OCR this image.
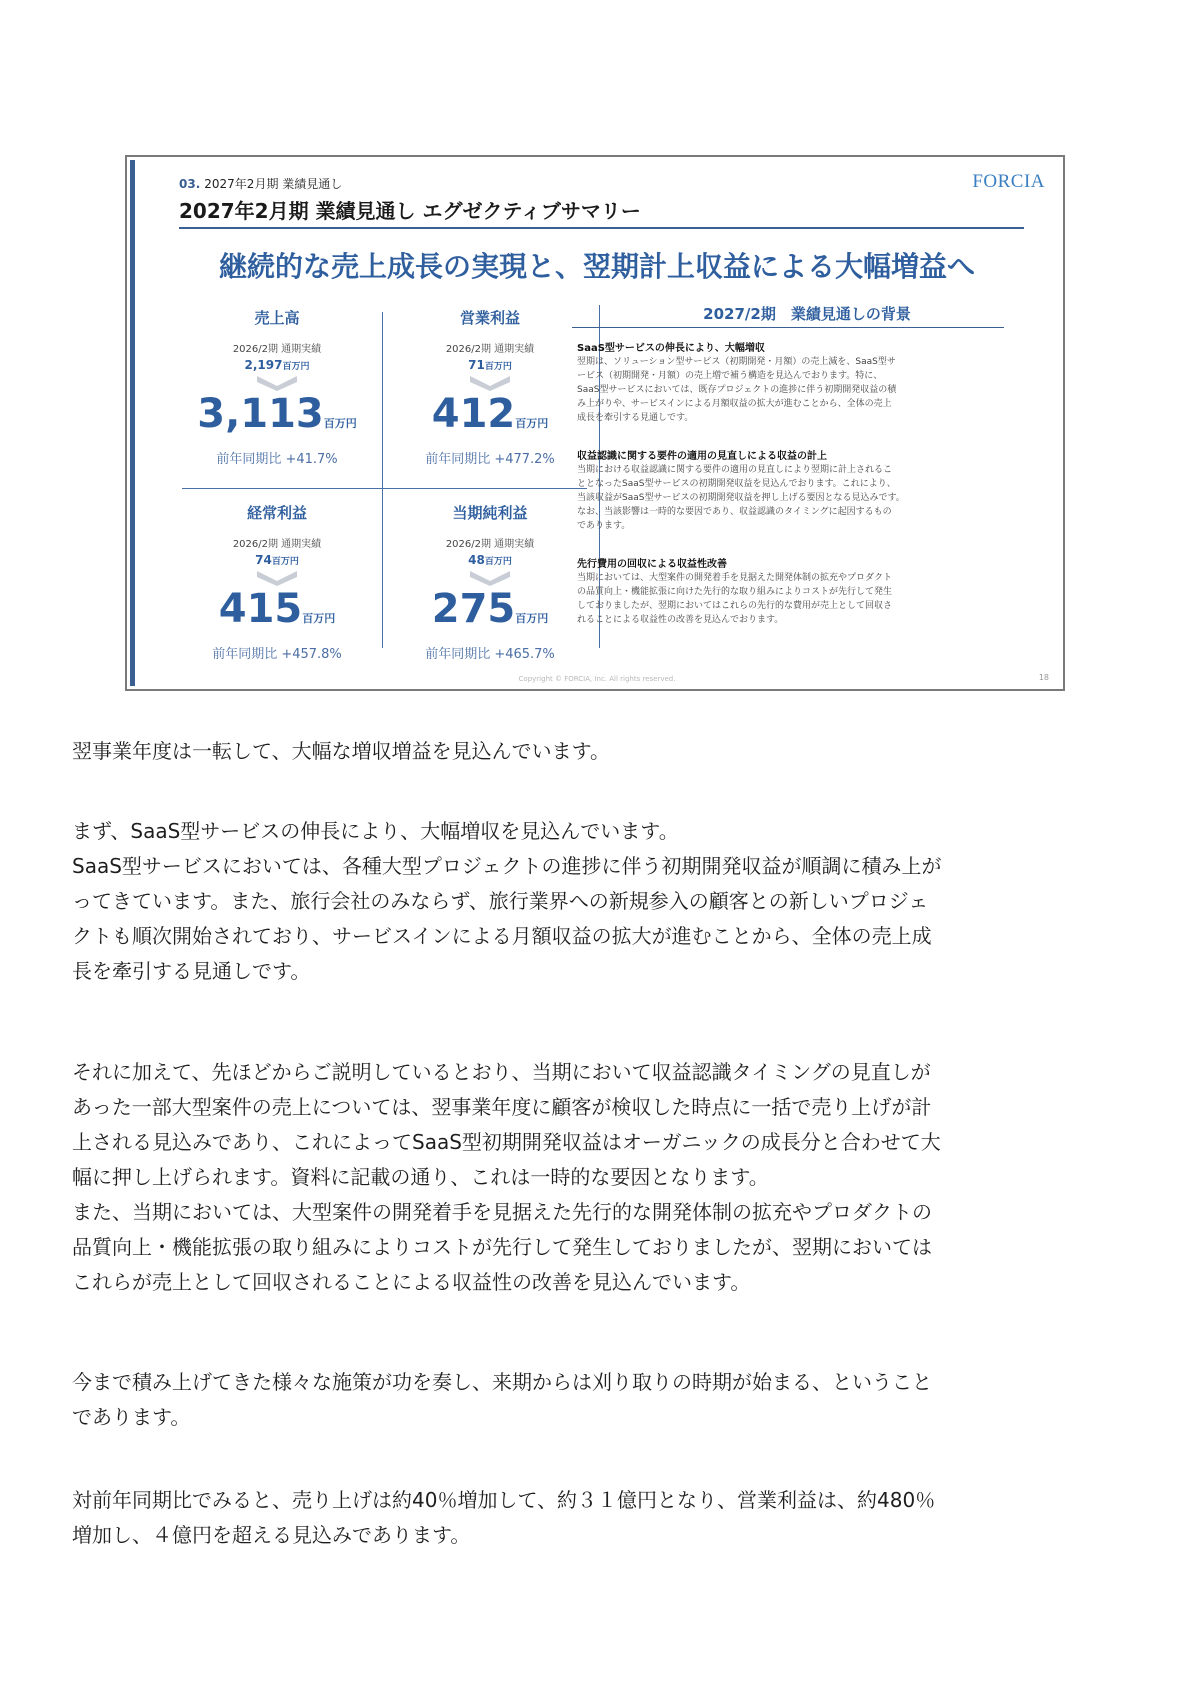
03. 2027年2月期 業績見通し
2027年2月期 業績見通し エグゼクティブサマリー
FORCIA
継続的な売上成長の実現と、翌期計上収益による大幅増益へ
売上高
2026/2期 通期実績
2,197百万円
3,113百万円
前年同期比 +41.7%
営業利益
2026/2期 通期実績
71百万円
412百万円
前年同期比 +477.2%
経常利益
2026/2期 通期実績
74百万円
415百万円
前年同期比 +457.8%
当期純利益
2026/2期 通期実績
48百万円
275百万円
前年同期比 +465.7%
2027/2期　業績見通しの背景
SaaS型サービスの伸長により、大幅増収
翌期は、ソリューション型サービス（初期開発・月額）の売上減を、SaaS型サ
ービス（初期開発・月額）の売上増で補う構造を見込んでおります。特に、
SaaS型サービスにおいては、既存プロジェクトの進捗に伴う初期開発収益の積
み上がりや、サービスインによる月額収益の拡大が進むことから、全体の売上
成長を牽引する見通しです。
収益認識に関する要件の適用の見直しによる収益の計上
当期における収益認識に関する要件の適用の見直しにより翌期に計上されるこ
ととなったSaaS型サービスの初期開発収益を見込んでおります。これにより、
当該収益がSaaS型サービスの初期開発収益を押し上げる要因となる見込みです。
なお、当該影響は一時的な要因であり、収益認識のタイミングに起因するもの
であります。
先行費用の回収による収益性改善
当期においては、大型案件の開発着手を見据えた開発体制の拡充やプロダクト
の品質向上・機能拡張に向けた先行的な取り組みによりコストが先行して発生
しておりましたが、翌期においてはこれらの先行的な費用が売上として回収さ
れることによる収益性の改善を見込んでおります。
Copyright © FORCIA, Inc. All rights reserved.	18

翌事業年度は一転して、大幅な増収増益を見込んでいます。

まず、SaaS型サービスの伸長により、大幅増収を見込んでいます。

SaaS型サービスにおいては、各種大型プロジェクトの進捗に伴う初期開発収益が順調に積み上が

ってきています。また、旅行会社のみならず、旅行業界への新規参入の顧客との新しいプロジェ

クトも順次開始されており、サービスインによる月額収益の拡大が進むことから、全体の売上成

長を牽引する見通しです。

それに加えて、先ほどからご説明しているとおり、当期において収益認識タイミングの見直しが

あった一部大型案件の売上については、翌事業年度に顧客が検収した時点に一括で売り上げが計

上される見込みであり、これによってSaaS型初期開発収益はオーガニックの成長分と合わせて大

幅に押し上げられます。資料に記載の通り、これは一時的な要因となります。

また、当期においては、大型案件の開発着手を見据えた先行的な開発体制の拡充やプロダクトの

品質向上・機能拡張の取り組みによりコストが先行して発生しておりましたが、翌期においては

これらが売上として回収されることによる収益性の改善を見込んでいます。

今まで積み上げてきた様々な施策が功を奏し、来期からは刈り取りの時期が始まる、ということ

であります。

対前年同期比でみると、売り上げは約40％増加して、約３１億円となり、営業利益は、約480％

増加し、４億円を超える見込みであります。
